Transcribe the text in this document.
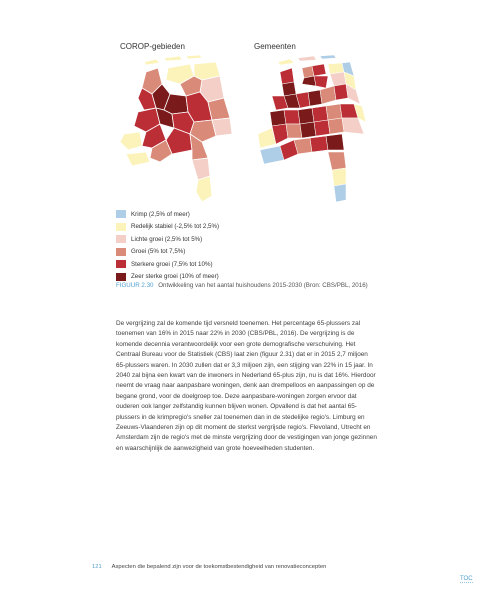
COROP-gebieden	Gemeenten
Krimp (2,5% of meer)
Redelijk stabiel (-2,5% tot 2,5%)
Lichte groei (2,5% tot 5%)
Groei (5% tot 7,5%)
Sterkere groei (7,5% tot 10%)
Zeer sterke groei (10% of meer)
FIGUUR 2.30 Ontwikkeling van het aantal huishoudens 2015-2030 (Bron: CBS/PBL, 2016)

De vergrijzing zal de komende tijd versneld toenemen. Het percentage 65-plussers zal toenemen van 16% in 2015 naar 22% in 2030 (CBS/PBL, 2016). De vergrijzing is de komende decennia verantwoordelijk voor een grote demografische verschuiving. Het Centraal Bureau voor de Statistiek (CBS) laat zien (figuur 2.31) dat er in 2015 2,7 miljoen 65-plussers waren. In 2030 zullen dat er 3,3 miljoen zijn, een stijging van 22% in 15 jaar. In 2040 zal bijna een kwart van de inwoners in Nederland 65-plus zijn, nu is dat 16%. Hierdoor neemt de vraag naar aanpasbare woningen, denk aan drempelloos en aanpassingen op de begane grond, voor de doelgroep toe. Deze aanpasbare-woningen zorgen ervoor dat ouderen ook langer zelfstandig kunnen blijven wonen. Opvallend is dat het aantal 65-plussers in de krimpregio's sneller zal toenemen dan in de stedelijke regio's. Limburg en Zeeuws-Vlaanderen zijn op dit moment de sterkst vergrijsde regio's. Flevoland, Utrecht en Amsterdam zijn de regio's met de minste vergrijzing door de vestigingen van jonge gezinnen en waarschijnlijk de aanwezigheid van grote hoeveelheden studenten.

121 Aspecten die bepalend zijn voor de toekomstbestendigheid van renovatieconcepten
TOC
